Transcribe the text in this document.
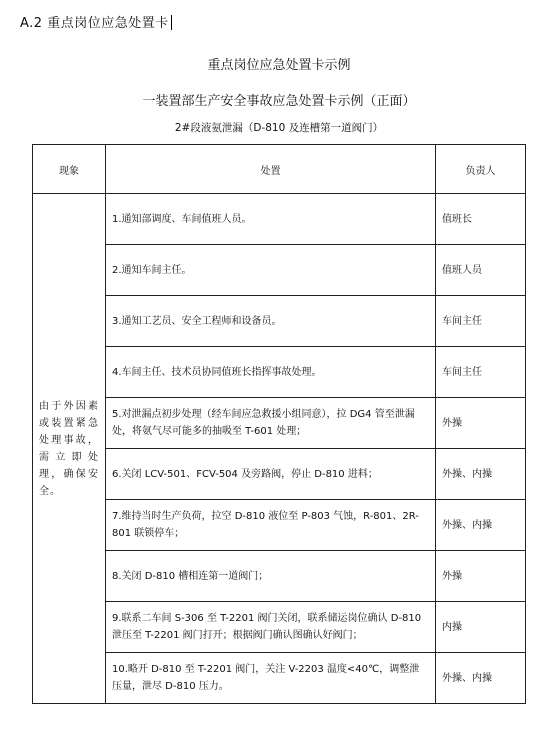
A.2 重点岗位应急处置卡
重点岗位应急处置卡示例
一装置部生产安全事故应急处置卡示例（正面）
2#段液氨泄漏（D-810 及连槽第一道阀门）
现象	处置	负责人
由于外因素或装置紧急处理事故，需立即处理，确保安全。	1.通知部调度、车间值班人员。	值班长
	2.通知车间主任。	值班人员
	3.通知工艺员、安全工程师和设备员。	车间主任
	4.车间主任、技术员协同值班长指挥事故处理。	车间主任
	5.对泄漏点初步处理（经车间应急救援小组同意），拉 DG4 管至泄漏处，将氨气尽可能多的抽吸至 T-601 处理；	外操
	6.关闭 LCV-501、FCV-504 及旁路阀，停止 D-810 进料；	外操、内操
	7.维持当时生产负荷，拉空 D-810 液位至 P-803 气蚀，R-801、2R-801 联锁停车；	外操、内操
	8.关闭 D-810 槽相连第一道阀门；	外操
	9.联系二车间 S-306 至 T-2201 阀门关闭，联系储运岗位确认 D-810 泄压至 T-2201 阀门打开；根据阀门确认图确认好阀门；	内操
	10.略开 D-810 至 T-2201 阀门，关注 V-2203 温度<40℃，调整泄压量，泄尽 D-810 压力。	外操、内操
